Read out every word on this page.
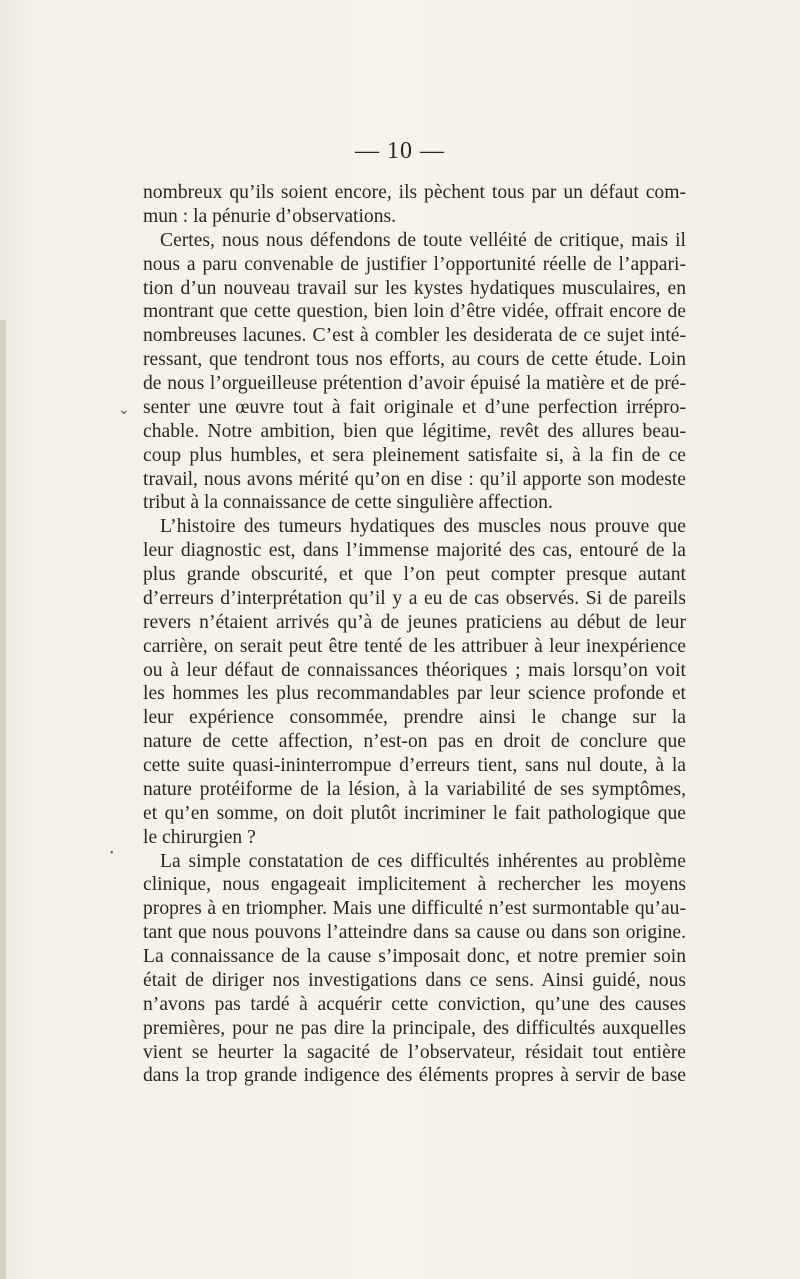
— 10 —
⌄
•
nombreux qu’ils soient encore, ils pèchent tous par un défaut com-
mun : la pénurie d’observations.
Certes, nous nous défendons de toute velléité de critique, mais il
nous a paru convenable de justifier l’opportunité réelle de l’appari-
tion d’un nouveau travail sur les kystes hydatiques musculaires, en
montrant que cette question, bien loin d’être vidée, offrait encore de
nombreuses lacunes. C’est à combler les desiderata de ce sujet inté-
ressant, que tendront tous nos efforts, au cours de cette étude. Loin
de nous l’orgueilleuse prétention d’avoir épuisé la matière et de pré-
senter une œuvre tout à fait originale et d’une perfection irrépro-
chable. Notre ambition, bien que légitime, revêt des allures beau-
coup plus humbles, et sera pleinement satisfaite si, à la fin de ce
travail, nous avons mérité qu’on en dise : qu’il apporte son modeste
tribut à la connaissance de cette singulière affection.
L’histoire des tumeurs hydatiques des muscles nous prouve que
leur diagnostic est, dans l’immense majorité des cas, entouré de la
plus grande obscurité, et que l’on peut compter presque autant
d’erreurs d’interprétation qu’il y a eu de cas observés. Si de pareils
revers n’étaient arrivés qu’à de jeunes praticiens au début de leur
carrière, on serait peut être tenté de les attribuer à leur inexpérience
ou à leur défaut de connaissances théoriques ; mais lorsqu’on voit
les hommes les plus recommandables par leur science profonde et
leur expérience consommée, prendre ainsi le change sur la
nature de cette affection, n’est-on pas en droit de conclure que
cette suite quasi-ininterrompue d’erreurs tient, sans nul doute, à la
nature protéiforme de la lésion, à la variabilité de ses symptômes,
et qu’en somme, on doit plutôt incriminer le fait pathologique que
le chirurgien ?
La simple constatation de ces difficultés inhérentes au problème
clinique, nous engageait implicitement à rechercher les moyens
propres à en triompher. Mais une difficulté n’est surmontable qu’au-
tant que nous pouvons l’atteindre dans sa cause ou dans son origine.
La connaissance de la cause s’imposait donc, et notre premier soin
était de diriger nos investigations dans ce sens. Ainsi guidé, nous
n’avons pas tardé à acquérir cette conviction, qu’une des causes
premières, pour ne pas dire la principale, des difficultés auxquelles
vient se heurter la sagacité de l’observateur, résidait tout entière
dans la trop grande indigence des éléments propres à servir de base
